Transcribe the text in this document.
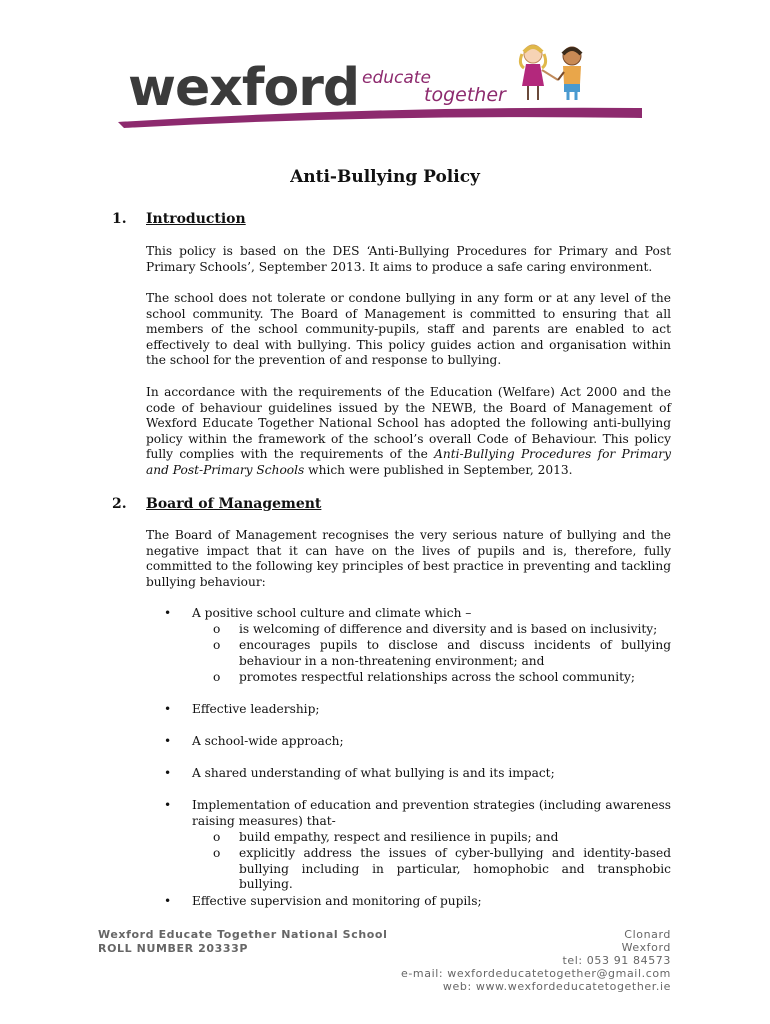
wexford educate
together
Anti-Bullying Policy
1. Introduction

This policy is based on the DES ‘Anti-Bullying Procedures for Primary and Post Primary Schools’, September 2013. It aims to produce a safe caring environment.

The school does not tolerate or condone bullying in any form or at any level of the school community. The Board of Management is committed to ensuring that all members of the school community-pupils, staff and parents are enabled to act effectively to deal with bullying. This policy guides action and organisation within the school for the prevention of and response to bullying.

In accordance with the requirements of the Education (Welfare) Act 2000 and the code of behaviour guidelines issued by the NEWB, the Board of Management of Wexford Educate Together National School has adopted the following anti-bullying policy within the framework of the school’s overall Code of Behaviour. This policy fully complies with the requirements of the Anti-Bullying Procedures for Primary and Post-Primary Schools which were published in September, 2013.

2. Board of Management

The Board of Management recognises the very serious nature of bullying and the negative impact that it can have on the lives of pupils and is, therefore, fully committed to the following key principles of best practice in preventing and tackling bullying behaviour:

• A positive school culture and climate which –
o is welcoming of difference and diversity and is based on inclusivity;
o encourages pupils to disclose and discuss incidents of bullying behaviour in a non-threatening environment; and
o promotes respectful relationships across the school community;
• Effective leadership;
• A school-wide approach;
• A shared understanding of what bullying is and its impact;
• Implementation of education and prevention strategies (including awareness raising measures) that-
o build empathy, respect and resilience in pupils; and
o explicitly address the issues of cyber-bullying and identity-based bullying including in particular, homophobic and transphobic bullying.
• Effective supervision and monitoring of pupils;
Wexford Educate Together National School
ROLL NUMBER 20333P
Clonard
Wexford
tel: 053 91 84573
e-mail: wexfordeducatetogether@gmail.com
web: www.wexfordeducatetogether.ie
